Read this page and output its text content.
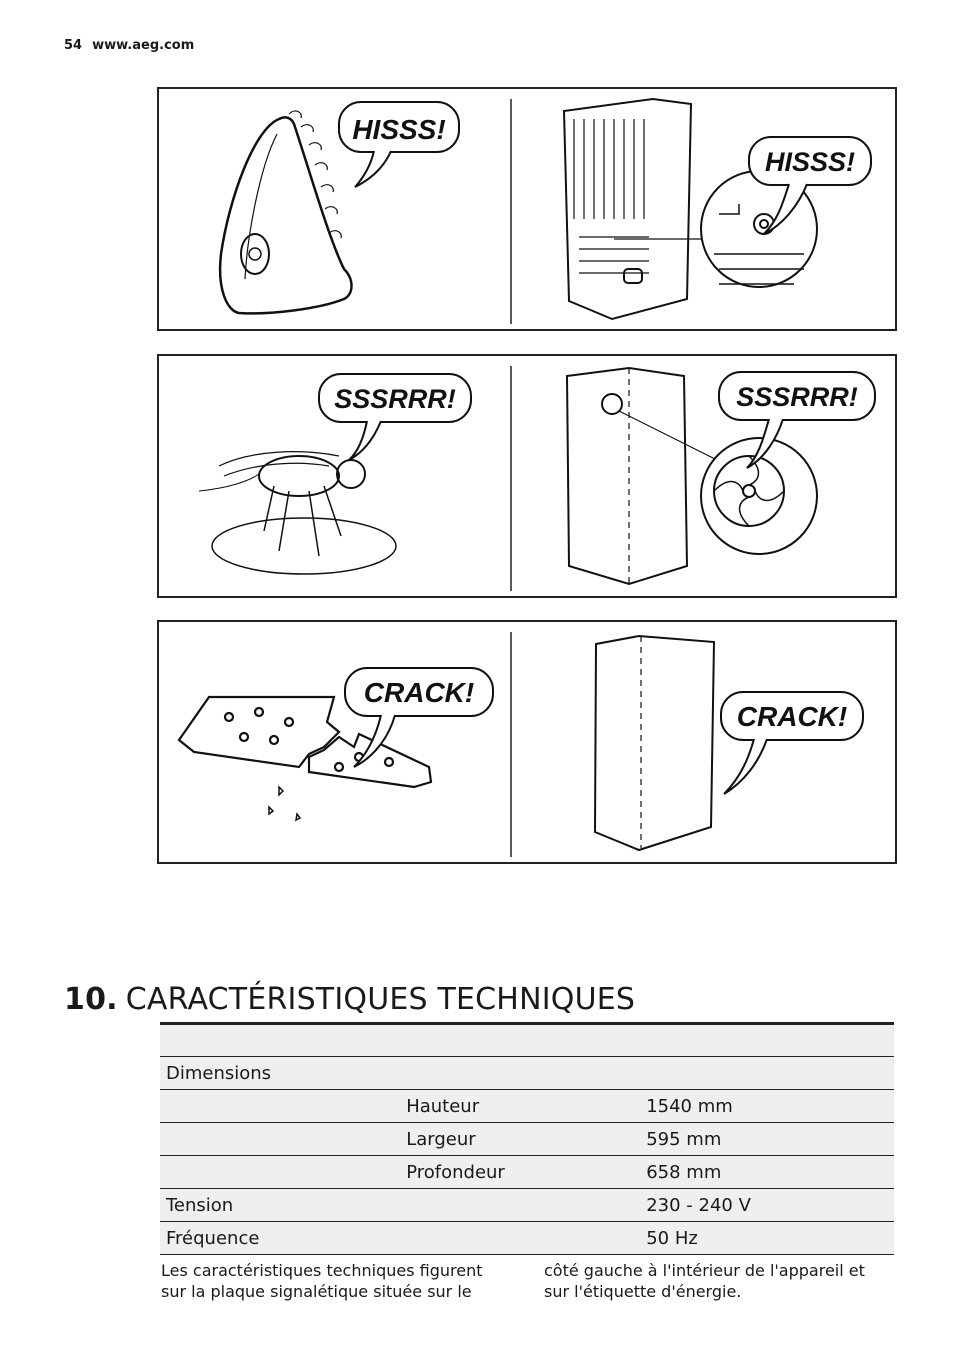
54 www.aeg.com
HISSS!
HISSS!
SSSRRR!	SSSRRR!
CRACK!
CRACK!
10. CARACTÉRISTIQUES TECHNIQUES

Dimensions		
	Hauteur	1540 mm
	Largeur	595 mm
	Profondeur	658 mm
Tension		230 - 240 V
Fréquence		50 Hz

Les caractéristiques techniques figurent sur la plaque signalétique située sur le

côté gauche à l'intérieur de l'appareil et sur l'étiquette d'énergie.
